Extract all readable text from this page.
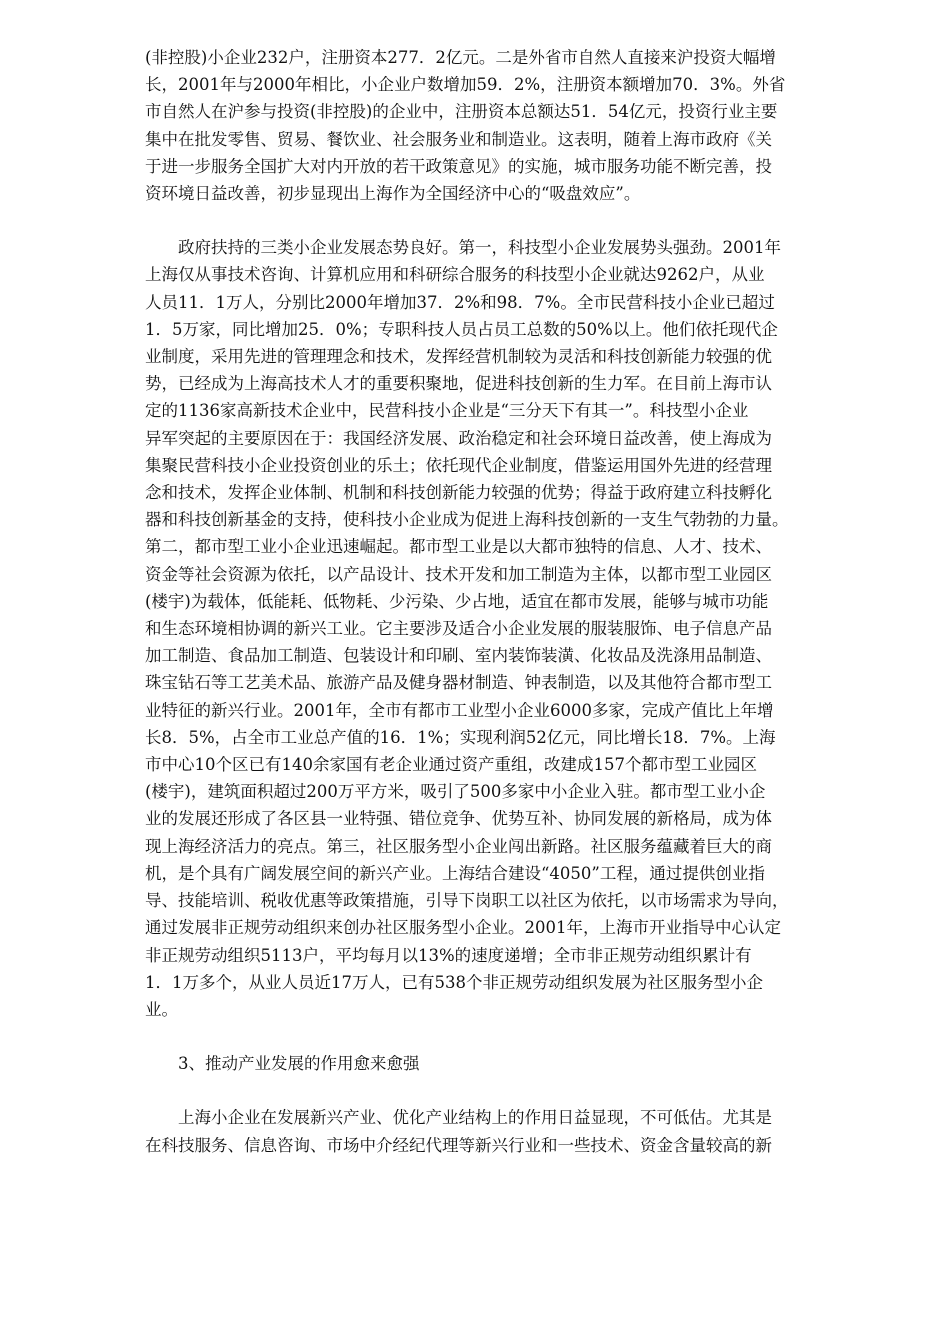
(非控股)小企业232户，注册资本277．2亿元。二是外省市自然人直接来沪投资大幅增
长，2001年与2000年相比，小企业户数增加59．2%，注册资本额增加70．3%。外省
市自然人在沪参与投资(非控股)的企业中，注册资本总额达51．54亿元，投资行业主要
集中在批发零售、贸易、餐饮业、社会服务业和制造业。这表明，随着上海市政府《关
于进一步服务全国扩大对内开放的若干政策意见》的实施，城市服务功能不断完善，投
资环境日益改善，初步显现出上海作为全国经济中心的“吸盘效应”。

　　政府扶持的三类小企业发展态势良好。第一，科技型小企业发展势头强劲。2001年
上海仅从事技术咨询、计算机应用和科研综合服务的科技型小企业就达9262户，从业
人员11．1万人，分别比2000年增加37．2%和98．7%。全市民营科技小企业已超过
1．5万家，同比增加25．0%；专职科技人员占员工总数的50%以上。他们依托现代企
业制度，采用先进的管理理念和技术，发挥经营机制较为灵活和科技创新能力较强的优
势，已经成为上海高技术人才的重要积聚地，促进科技创新的生力军。在目前上海市认
定的1136家高新技术企业中，民营科技小企业是“三分天下有其一”。科技型小企业
异军突起的主要原因在于：我国经济发展、政治稳定和社会环境日益改善，使上海成为
集聚民营科技小企业投资创业的乐土；依托现代企业制度，借鉴运用国外先进的经营理
念和技术，发挥企业体制、机制和科技创新能力较强的优势；得益于政府建立科技孵化
器和科技创新基金的支持，使科技小企业成为促进上海科技创新的一支生气勃勃的力量。
第二，都市型工业小企业迅速崛起。都市型工业是以大都市独特的信息、人才、技术、
资金等社会资源为依托，以产品设计、技术开发和加工制造为主体，以都市型工业园区
(楼宇)为载体，低能耗、低物耗、少污染、少占地，适宜在都市发展，能够与城市功能
和生态环境相协调的新兴工业。它主要涉及适合小企业发展的服装服饰、电子信息产品
加工制造、食品加工制造、包装设计和印刷、室内装饰装潢、化妆品及洗涤用品制造、
珠宝钻石等工艺美术品、旅游产品及健身器材制造、钟表制造，以及其他符合都市型工
业特征的新兴行业。2001年，全市有都市工业型小企业6000多家，完成产值比上年增
长8．5%，占全市工业总产值的16．1%；实现利润52亿元，同比增长18．7%。上海
市中心10个区已有140余家国有老企业通过资产重组，改建成157个都市型工业园区
(楼宇)，建筑面积超过200万平方米，吸引了500多家中小企业入驻。都市型工业小企
业的发展还形成了各区县一业特强、错位竞争、优势互补、协同发展的新格局，成为体
现上海经济活力的亮点。第三，社区服务型小企业闯出新路。社区服务蕴藏着巨大的商
机，是个具有广阔发展空间的新兴产业。上海结合建设“4050”工程，通过提供创业指
导、技能培训、税收优惠等政策措施，引导下岗职工以社区为依托，以市场需求为导向，
通过发展非正规劳动组织来创办社区服务型小企业。2001年，上海市开业指导中心认定
非正规劳动组织5113户，平均每月以13%的速度递增；全市非正规劳动组织累计有
1．1万多个，从业人员近17万人，已有538个非正规劳动组织发展为社区服务型小企
业。

　　3、推动产业发展的作用愈来愈强

　　上海小企业在发展新兴产业、优化产业结构上的作用日益显现，不可低估。尤其是
在科技服务、信息咨询、市场中介经纪代理等新兴行业和一些技术、资金含量较高的新
